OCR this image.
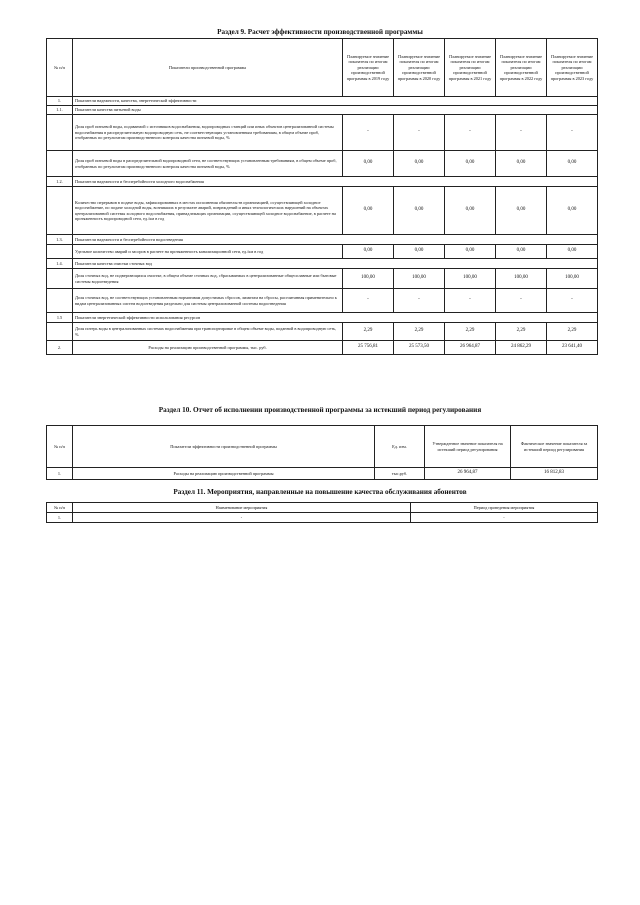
Раздел 9. Расчет эффективности производственной программы
№ п/п	Показатели производственной программы	Планируемое значение показателя по итогам реализации производственной программы в 2019 году	Планируемое значение показателя по итогам реализации производственной программы в 2020 году	Планируемое значение показателя по итогам реализации производственной программы в 2021 году	Планируемое значение показателя по итогам реализации производственной программы в 2022 году	Планируемое значение показателя по итогам реализации производственной программы в 2023 году
1.	Показатели надежности, качества, энергетической эффективности					
1.1.	Показатели качества питьевой воды					
	Доля проб питьевой воды, подаваемой с источников водоснабжения, водопроводных станций или иных объектов централизованной системы водоснабжения в распределительную водопроводную сеть, не соответствующих установленным требованиям, в общем объеме проб, отобранных по результатам производственного контроля качества питьевой воды, %	-	-	-	-	-
	Доля проб питьевой воды в распределительной водопроводной сети, не соответствующих установленным требованиям, в общем объеме проб, отобранных по результатам производственного контроля качества питьевой воды, %	0,00	0,00	0,00	0,00	0,00
1.2.	Показатели надежности и бесперебойности холодного водоснабжения					
	Количество перерывов в подаче воды, зафиксированных в местах исполнения обязательств организацией, осуществляющей холодное водоснабжение, по подаче холодной воды, возникших в результате аварий, повреждений и иных технологических нарушений на объектах централизованной системы холодного водоснабжения, принадлежащих организации, осуществляющей холодное водоснабжение, в расчете на протяженность водопроводной сети, ед./км в год	0,00	0,00	0,00	0,00	0,00
1.3.	Показатели надежности и бесперебойности водоотведения					
	Удельное количество аварий и засоров в расчете на протяженность канализационной сети, ед./км в год	0,00	0,00	0,00	0,00	0,00
1.4.	Показатели качества очистки сточных вод					
	Доля сточных вод, не подвергающихся очистке, в общем объеме сточных вод, сбрасываемых в централизованные общесплавные или бытовые системы водоотведения	100,00	100,00	100,00	100,00	100,00
	Доля сточных вод, не соответствующих установленным нормативам допустимых сбросов, лимитам на сбросы, рассчитанная применительно к видам централизованных систем водоотведения раздельно для системы централизованной системы водоотведения	-	-	-	-	-
1.5	Показатели энергетической эффективности использования ресурсов					
	Доля потерь воды в централизованных системах водоснабжения при транспортировке в общем объеме воды, поданной в водопроводную сеть, %	2,29	2,29	2,29	2,29	2,29
2.	Расходы на реализацию производственной программы, тыс. руб.	25 756,81	25 573,50	26 964,87	24 862,29	23 641,40
Раздел 10. Отчет об исполнении производственной программы за истекший период регулирования
№ п/п	Показатели эффективности производственной программы	Ед. изм.	Утвержденное значение показателя на истекший период регулирования	Фактическое значение показателя за истекший период регулирования
1.	Расходы на реализацию производственной программы	тыс.руб.	26 964,87	16 812,83
Раздел 11. Мероприятия, направленные на повышение качества обслуживания абонентов
№ п/п	Наименование мероприятия	Период проведения мероприятия
1.	-	-
